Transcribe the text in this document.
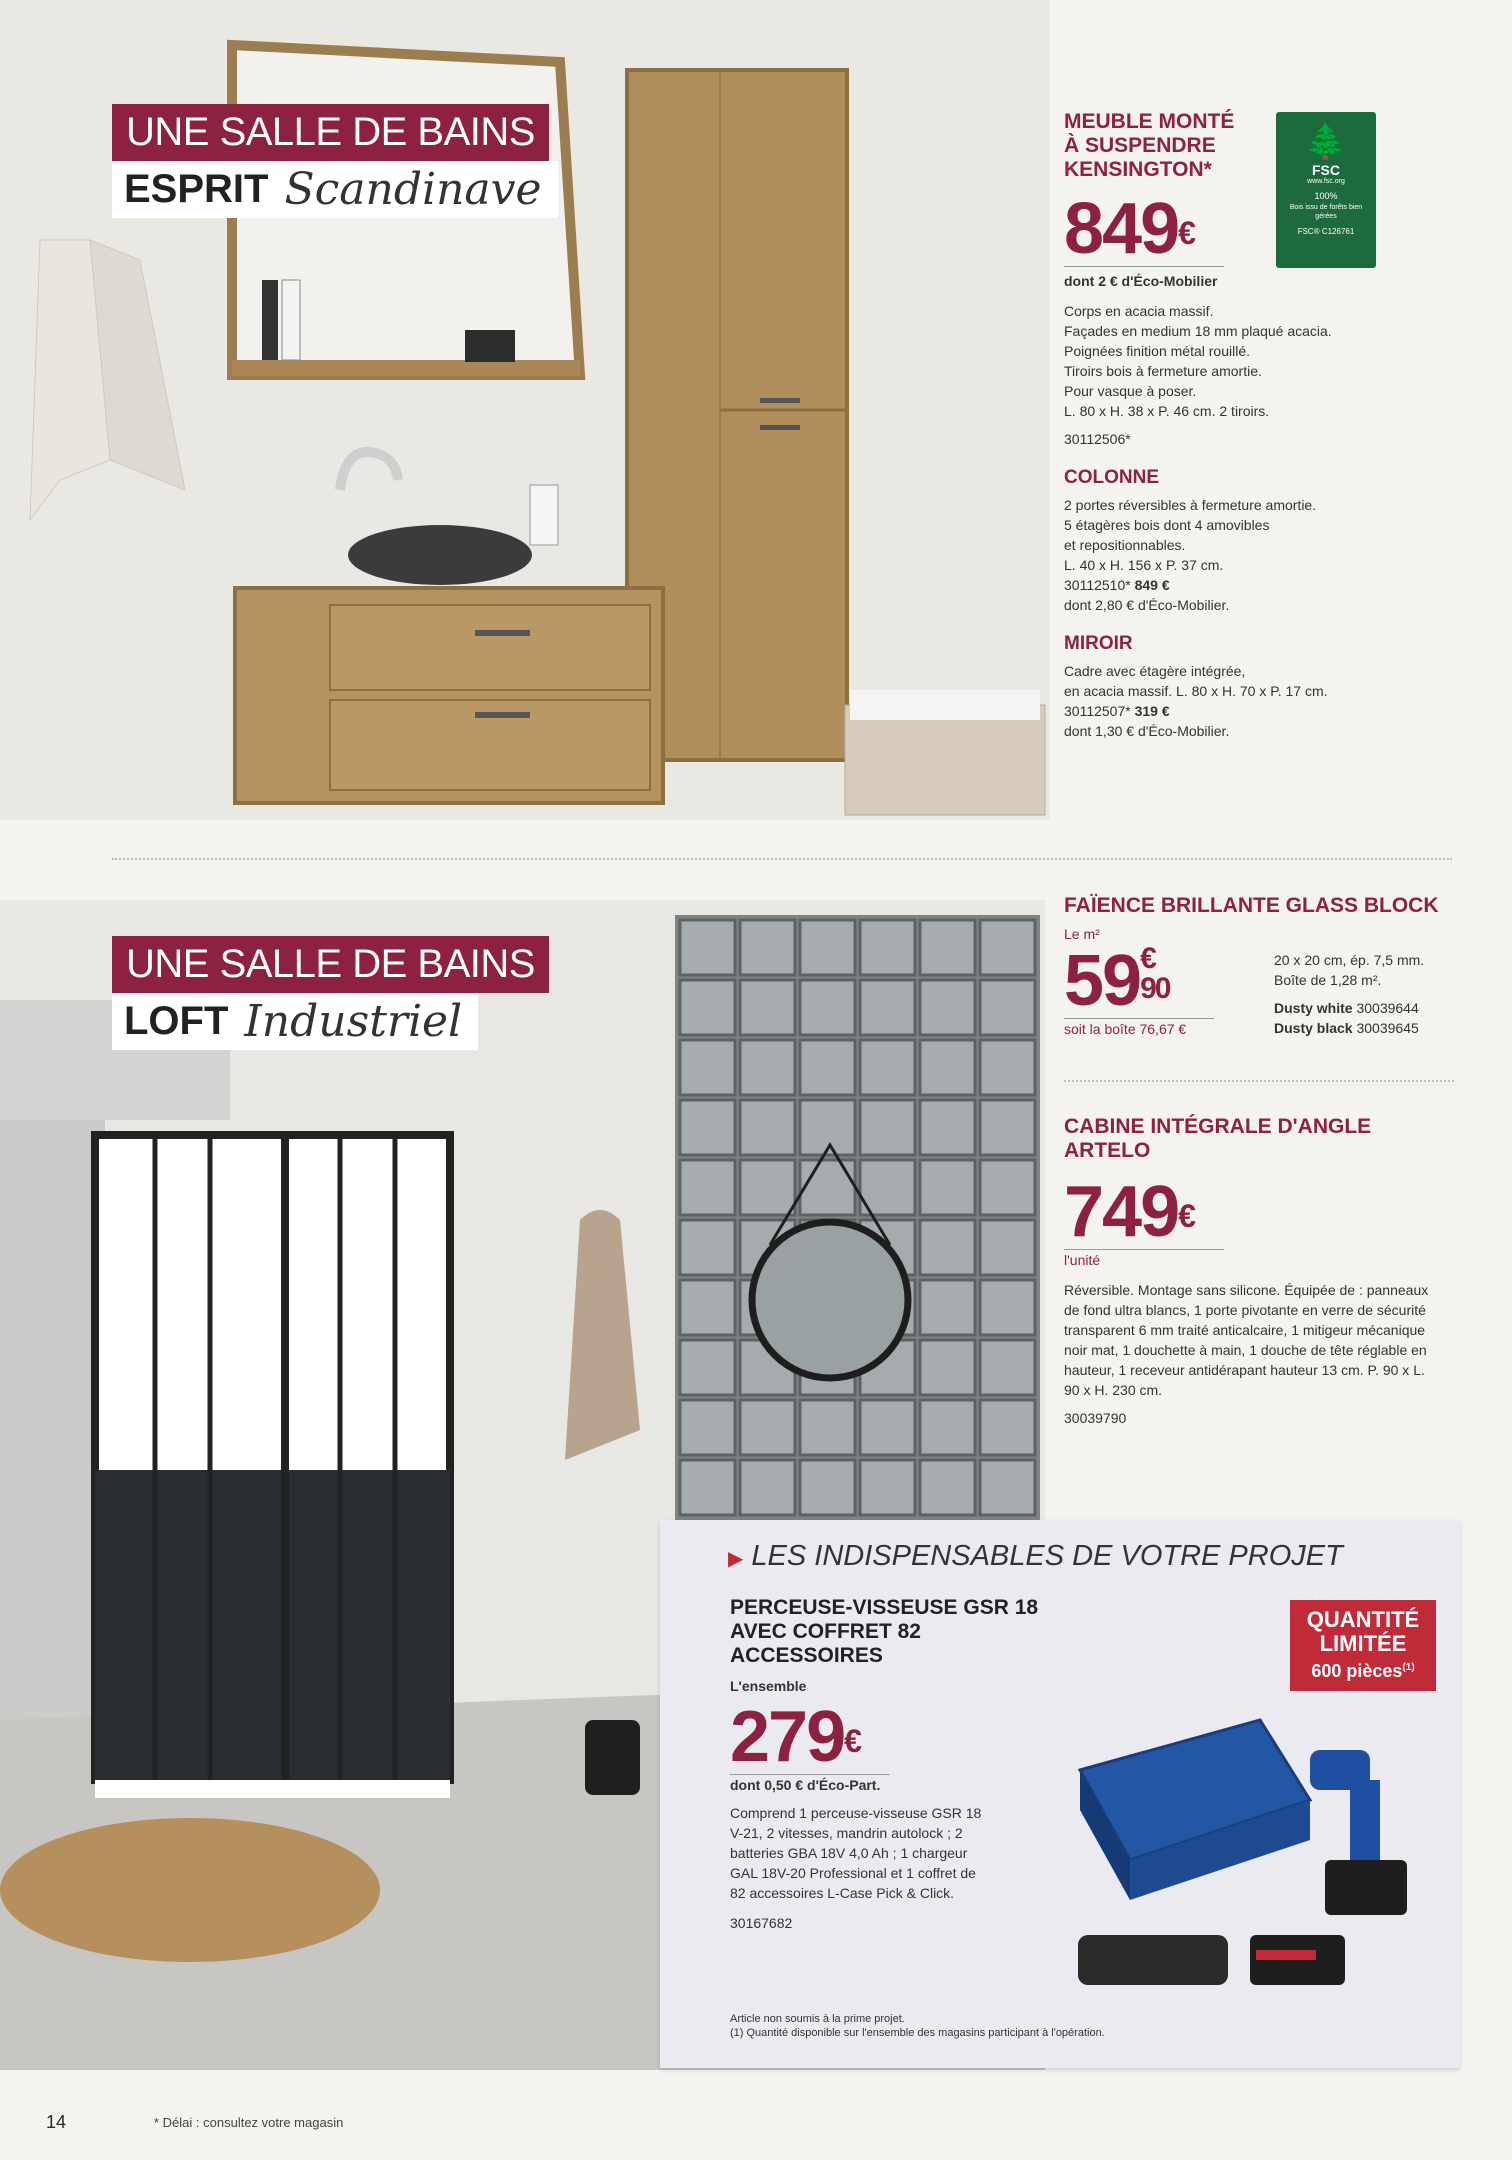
UNE SALLE DE BAINS
ESPRIT Scandinave
🌲
FSC
www.fsc.org
100%
Bois issu de forêts bien gérées
FSC® C126761
MEUBLE MONTÉ À SUSPENDRE KENSINGTON*
849€
dont 2 € d'Éco-Mobilier
Corps en acacia massif.
Façades en medium 18 mm plaqué acacia.
Poignées finition métal rouillé.
Tiroirs bois à fermeture amortie.
Pour vasque à poser.
L. 80 x H. 38 x P. 46 cm. 2 tiroirs.
30112506*
COLONNE
2 portes réversibles à fermeture amortie.
5 étagères bois dont 4 amovibles
et repositionnables.
L. 40 x H. 156 x P. 37 cm.
30112510* 849 €
dont 2,80 € d'Éco-Mobilier.
MIROIR
Cadre avec étagère intégrée,
en acacia massif. L. 80 x H. 70 x P. 17 cm.
30112507* 319 €
dont 1,30 € d'Éco-Mobilier.
UNE SALLE DE BAINS
LOFT Industriel
FAÏENCE BRILLANTE GLASS BLOCK
Le m²
59 €
90
soit la boîte 76,67 €
20 x 20 cm, ép. 7,5 mm.
Boîte de 1,28 m².
Dusty white 30039644
Dusty black 30039645
CABINE INTÉGRALE D'ANGLE ARTELO
749€
l'unité
Réversible. Montage sans silicone. Équipée de : panneaux de fond ultra blancs, 1 porte pivotante en verre de sécurité transparent 6 mm traité anticalcaire, 1 mitigeur mécanique noir mat, 1 douchette à main, 1 douche de tête réglable en hauteur, 1 receveur antidérapant hauteur 13 cm. P. 90 x L. 90 x H. 230 cm.
30039790
▶ LES INDISPENSABLES DE VOTRE PROJET
PERCEUSE-VISSEUSE GSR 18 AVEC COFFRET 82 ACCESSOIRES
L'ensemble
279€
dont 0,50 € d'Éco-Part.
Comprend 1 perceuse-visseuse GSR 18 V-21, 2 vitesses, mandrin autolock ; 2 batteries GBA 18V 4,0 Ah ; 1 chargeur GAL 18V-20 Professional et 1 coffret de 82 accessoires L-Case Pick & Click.
30167682
QUANTITÉ
LIMITÉE
600 pièces$^{(1)}$
Article non soumis à la prime projet.
(1) Quantité disponible sur l'ensemble des magasins participant à l'opération.
14	* Délai : consultez votre magasin
